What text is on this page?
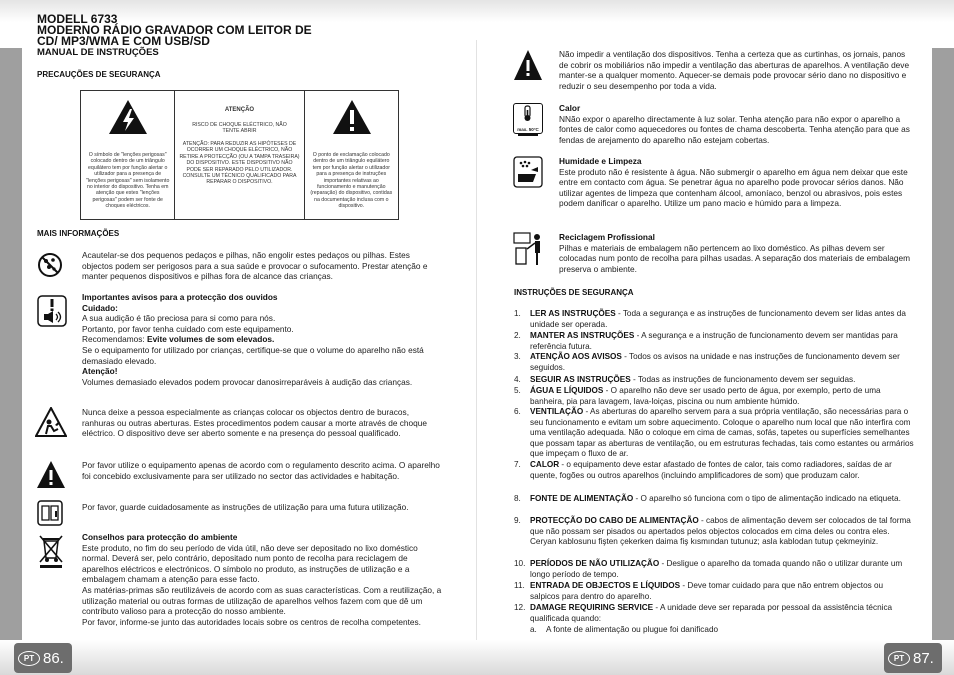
MODELL 6733
MODERNO RÁDIO GRAVADOR COM LEITOR DE
CD/ MP3/WMA E COM USB/SD
MANUAL DE INSTRUÇÕES
PRECAUÇÕES DE SEGURANÇA
O símbolo de "lenções perigosas" colocado dentro de um triângulo equilátero tem por função alertar o utilizador para a presença de "lenções perigosas" sem isolamento no interior do dispositivo. Tenha em atenção que estes "lenções perigosas" podem ser fonte de choques eléctricos.
ATENÇÃO
RISCO DE CHOQUE ELÉCTRICO, NÃO TENTE ABRIR
ATENÇÃO: PARA REDUZIR AS HIPÓTESES DE OCORRER UM CHOQUE ELÉCTRICO, NÃO RETIRE A PROTECÇÃO (OU A TAMPA TRASEIRA) DO DISPOSITIVO. ESTE DISPOSITIVO NÃO PODE SER REPARADO PELO UTILIZADOR. CONSULTE UM TÉCNICO QUALIFICADO PARA REPARAR O DISPOSITIVO.
O ponto de exclamação colocado dentro de um triângulo equilátero tem por função alertar o utilizador para a presença de instruções importantes relativas ao funcionamento e manutenção (reparação) do dispositivo, contidas na documentação inclusa com o dispositivo.
MAIS INFORMAÇÕES
Acautelar-se dos pequenos pedaços e pilhas, não engolir estes pedaços ou pilhas. Estes objectos podem ser perigosos para a sua saúde e provocar o sufocamento. Prestar atenção e manter pequenos dispositivos e pilhas fora de alcance das crianças.
Importantes avisos para a protecção dos ouvidos
Cuidado:
A sua audição é tão preciosa para si como para nós.
Portanto, por favor tenha cuidado com este equipamento.
Recomendamos: Evite volumes de som elevados.
Se o equipamento for utilizado por crianças, certifique-se que o volume do aparelho não está demasiado elevado.
Atenção!
Volumes demasiado elevados podem provocar danosirreparáveis à audição das crianças.
Nunca deixe a pessoa especialmente as crianças colocar os objectos dentro de buracos, ranhuras ou outras aberturas. Estes procedimentos podem causar a morte através de choque eléctrico. O dispositivo deve ser aberto somente e na presença do pessoal qualificado.
Por favor utilize o equipamento apenas de acordo com o regulamento descrito acima. O aparelho foi concebido exclusivamente para ser utilizado no sector das actividades e habitação.
Por favor, guarde cuidadosamente as instruções de utilização para uma futura utilização.
Conselhos para protecção do ambiente
Este produto, no fim do seu período de vida útil, não deve ser depositado no lixo doméstico normal. Deverá ser, pelo contrário, depositado num ponto de recolha para reciclagem de aparelhos eléctricos e electrónicos. O símbolo no produto, as instruções de utilização e a embalagem chamam a atenção para esse facto.
As matérias-primas são reutilizáveis de acordo com as suas características. Com a reutilização, a utilização material ou outras formas de utilização de aparelhos velhos fazem com que dê um contributo valioso para a protecção do nosso ambiente.
Por favor, informe-se junto das autoridades locais sobre os centros de recolha competentes.
Não impedir a ventilação dos dispositivos. Tenha a certeza que as curtinhas, os jornais, panos de cobrir os mobiliários não impedir a ventilação das aberturas de aparelhos. A ventilação deve manter-se a qualquer momento. Aquecer-se demais pode provocar sério dano no dispositivo e reduzir o seu desempenho por toda a vida.
max. 50°C
Calor
NNão expor o aparelho directamente à luz solar. Tenha atenção para não expor o aparelho a fontes de calor como aquecedores ou fontes de chama descoberta. Tenha atenção para que as fendas de arejamento do aparelho não estejam cobertas.
Humidade e Limpeza
Este produto não é resistente à água. Não submergir o aparelho em água nem deixar que este entre em contacto com água. Se penetrar água no aparelho pode provocar sérios danos. Não utilizar agentes de limpeza que contenham álcool, amoníaco, benzol ou abrasivos, pois estes podem danificar o aparelho. Utilize um pano macio e húmido para a limpeza.
Reciclagem Profissional
Pilhas e materiais de embalagem não pertencem ao lixo doméstico. As pilhas devem ser colocadas num ponto de recolha para pilhas usadas. A separação dos materiais de embalagem preserva o ambiente.
INSTRUÇÕES DE SEGURANÇA
1. LER AS INSTRUÇÕES - Toda a segurança e as instruções de funcionamento devem ser lidas antes da unidade ser operada.
2. MANTER AS INSTRUÇÕES - A segurança e a instrução de funcionamento devem ser mantidas para referência futura.
3. ATENÇÃO AOS AVISOS - Todos os avisos na unidade e nas instruções de funcionamento devem ser seguidos.
4. SEGUIR AS INSTRUÇÕES - Todas as instruções de funcionamento devem ser seguidas.
5. ÁGUA E LÍQUIDOS - O aparelho não deve ser usado perto de água, por exemplo, perto de uma banheira, pia para lavagem, lava-loiças, piscina ou num ambiente húmido.
6. VENTILAÇÃO - As aberturas do aparelho servem para a sua própria ventilação, são necessárias para o seu funcionamento e evitam um sobre aquecimento. Coloque o aparelho num local que não interfira com uma ventilação adequada. Não o coloque em cima de camas, sofás, tapetes ou superfícies semelhantes que possam tapar as aberturas de ventilação, ou em estruturas fechadas, tais como estantes ou armários que impeçam o fluxo de ar.
7. CALOR - o equipamento deve estar afastado de fontes de calor, tais como radiadores, saídas de ar quente, fogões ou outros aparelhos (incluindo amplificadores de som) que produzam calor.
8. FONTE DE ALIMENTAÇÃO - O aparelho só funciona com o tipo de alimentação indicado na etiqueta.
9. PROTECÇÃO DO CABO DE ALIMENTAÇÃO - cabos de alimentação devem ser colocados de tal forma que não possam ser pisados ou apertados pelos objectos colocados em cima deles ou contra eles. Ceryan kablosunu fişten çekerken daima fiş kısmından tutunuz; asla kablodan tutup çekmeyiniz.
10. PERÍODOS DE NÃO UTILIZAÇÃO - Desligue o aparelho da tomada quando não o utilizar durante um longo período de tempo.
11. ENTRADA DE OBJECTOS E LÍQUIDOS - Deve tomar cuidado para que não entrem objectos ou salpicos para dentro do aparelho.
12. DAMAGE REQUIRING SERVICE - A unidade deve ser reparada por pessoal da assistência técnica qualificada quando:
a. A fonte de alimentação ou plugue foi danificado
PT 86.	PT 87.
